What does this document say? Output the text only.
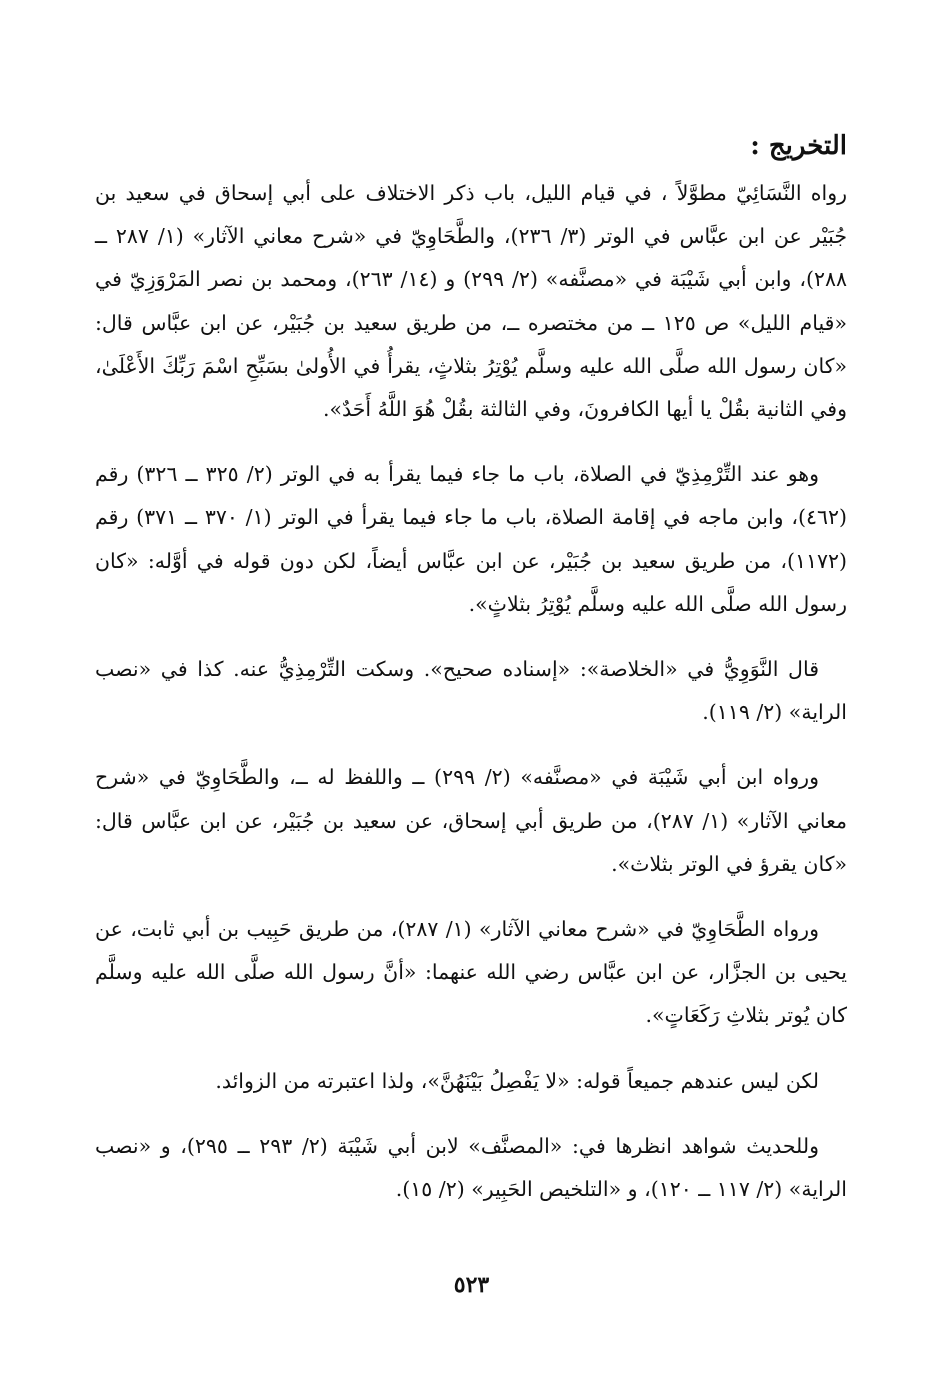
التخريج :

رواه النَّسَائِيّ مطوَّلاً ، في قيام الليل، باب ذكر الاختلاف على أبي إسحاق في سعيد بن جُبَيْر عن ابن عبَّاس في الوتر (٣/ ٢٣٦)، والطَّحَاوِيّ في «شرح معاني الآثار» (١/ ٢٨٧ ــ ٢٨٨)، وابن أبي شَيْبَة في «مصنَّفه» (٢/ ٢٩٩) و (١٤/ ٢٦٣)، ومحمد بن نصر المَرْوَزِيّ في «قيام الليل» ص ١٢٥ ــ من مختصره ــ، من طريق سعيد بن جُبَيْر، عن ابن عبَّاس قال: «كان رسول الله صلَّى الله عليه وسلَّم يُوْتِرُ بثلاثٍ، يقرأُ في الأُولىٰ بسَبِّحِ اسْمَ رَبِّكَ الأَعْلَىٰ، وفي الثانية بقُلْ يا أيها الكافرونَ، وفي الثالثة بقُلْ هُوَ اللَّهُ أَحَدٌ».

وهو عند التِّرْمِذِيّ في الصلاة، باب ما جاء فيما يقرأ به في الوتر (٢/ ٣٢٥ ــ ٣٢٦) رقم (٤٦٢)، وابن ماجه في إقامة الصلاة، باب ما جاء فيما يقرأ في الوتر (١/ ٣٧٠ ــ ٣٧١) رقم (١١٧٢)، من طريق سعيد بن جُبَيْر، عن ابن عبَّاس أيضاً، لكن دون قوله في أوَّله: «كان رسول الله صلَّى الله عليه وسلَّم يُوْتِرُ بثلاثٍ».

قال النَّوَوِيُّ في «الخلاصة»: «إسناده صحيح». وسكت التِّرْمِذِيُّ عنه. كذا في «نصب الراية» (٢/ ١١٩).

ورواه ابن أبي شَيْبَة في «مصنَّفه» (٢/ ٢٩٩) ــ واللفظ له ــ، والطَّحَاوِيّ في «شرح معاني الآثار» (١/ ٢٨٧)، من طريق أبي إسحاق، عن سعيد بن جُبَيْر، عن ابن عبَّاس قال: «كان يقرؤ في الوتر بثلاث».

ورواه الطَّحَاوِيّ في «شرح معاني الآثار» (١/ ٢٨٧)، من طريق حَبِيب بن أبي ثابت، عن يحيى بن الجزَّار، عن ابن عبَّاس رضي الله عنهما: «أنَّ رسول الله صلَّى الله عليه وسلَّم كان يُوتر بثلاثِ رَكَعَاتٍ».

لكن ليس عندهم جميعاً قوله: «لا يَفْصِلُ بَيْنَهُنَّ»، ولذا اعتبرته من الزوائد.

وللحديث شواهد انظرها في: «المصنَّف» لابن أبي شَيْبَة (٢/ ٢٩٣ ــ ٢٩٥)، و «نصب الراية» (٢/ ١١٧ ــ ١٢٠)، و «التلخيص الحَبِير» (٢/ ١٥).

٥٢٣
